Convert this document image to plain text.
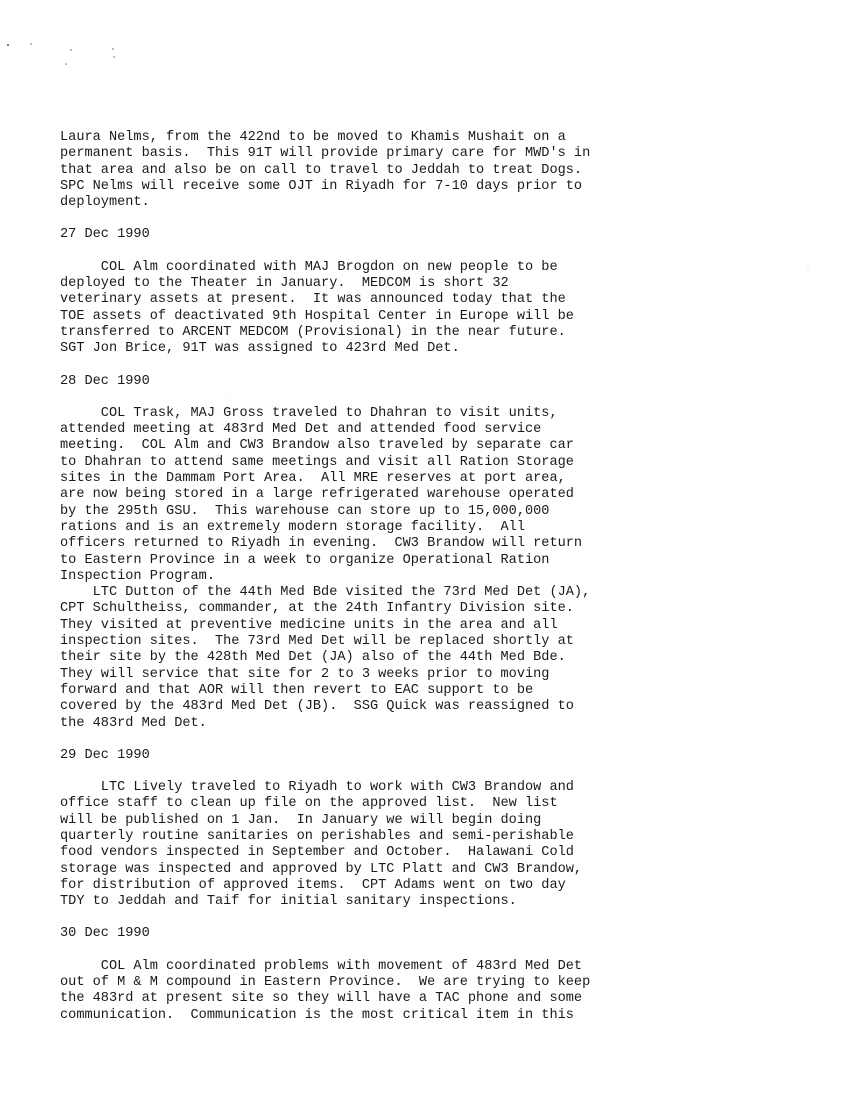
Laura Nelms, from the 422nd to be moved to Khamis Mushait on a
permanent basis.  This 91T will provide primary care for MWD's in
that area and also be on call to travel to Jeddah to treat Dogs.
SPC Nelms will receive some OJT in Riyadh for 7-10 days prior to
deployment.
27 Dec 1990
COL Alm coordinated with MAJ Brogdon on new people to be
deployed to the Theater in January.  MEDCOM is short 32
veterinary assets at present.  It was announced today that the
TOE assets of deactivated 9th Hospital Center in Europe will be
transferred to ARCENT MEDCOM (Provisional) in the near future.
SGT Jon Brice, 91T was assigned to 423rd Med Det.
28 Dec 1990
COL Trask, MAJ Gross traveled to Dhahran to visit units,
attended meeting at 483rd Med Det and attended food service
meeting.  COL Alm and CW3 Brandow also traveled by separate car
to Dhahran to attend same meetings and visit all Ration Storage
sites in the Dammam Port Area.  All MRE reserves at port area,
are now being stored in a large refrigerated warehouse operated
by the 295th GSU.  This warehouse can store up to 15,000,000
rations and is an extremely modern storage facility.  All
officers returned to Riyadh in evening.  CW3 Brandow will return
to Eastern Province in a week to organize Operational Ration
Inspection Program.
LTC Dutton of the 44th Med Bde visited the 73rd Med Det (JA),
CPT Schultheiss, commander, at the 24th Infantry Division site.
They visited at preventive medicine units in the area and all
inspection sites.  The 73rd Med Det will be replaced shortly at
their site by the 428th Med Det (JA) also of the 44th Med Bde.
They will service that site for 2 to 3 weeks prior to moving
forward and that AOR will then revert to EAC support to be
covered by the 483rd Med Det (JB).  SSG Quick was reassigned to
the 483rd Med Det.
29 Dec 1990
LTC Lively traveled to Riyadh to work with CW3 Brandow and
office staff to clean up file on the approved list.  New list
will be published on 1 Jan.  In January we will begin doing
quarterly routine sanitaries on perishables and semi-perishable
food vendors inspected in September and October.  Halawani Cold
storage was inspected and approved by LTC Platt and CW3 Brandow,
for distribution of approved items.  CPT Adams went on two day
TDY to Jeddah and Taif for initial sanitary inspections.
30 Dec 1990
COL Alm coordinated problems with movement of 483rd Med Det
out of M & M compound in Eastern Province.  We are trying to keep
the 483rd at present site so they will have a TAC phone and some
communication.  Communication is the most critical item in this
